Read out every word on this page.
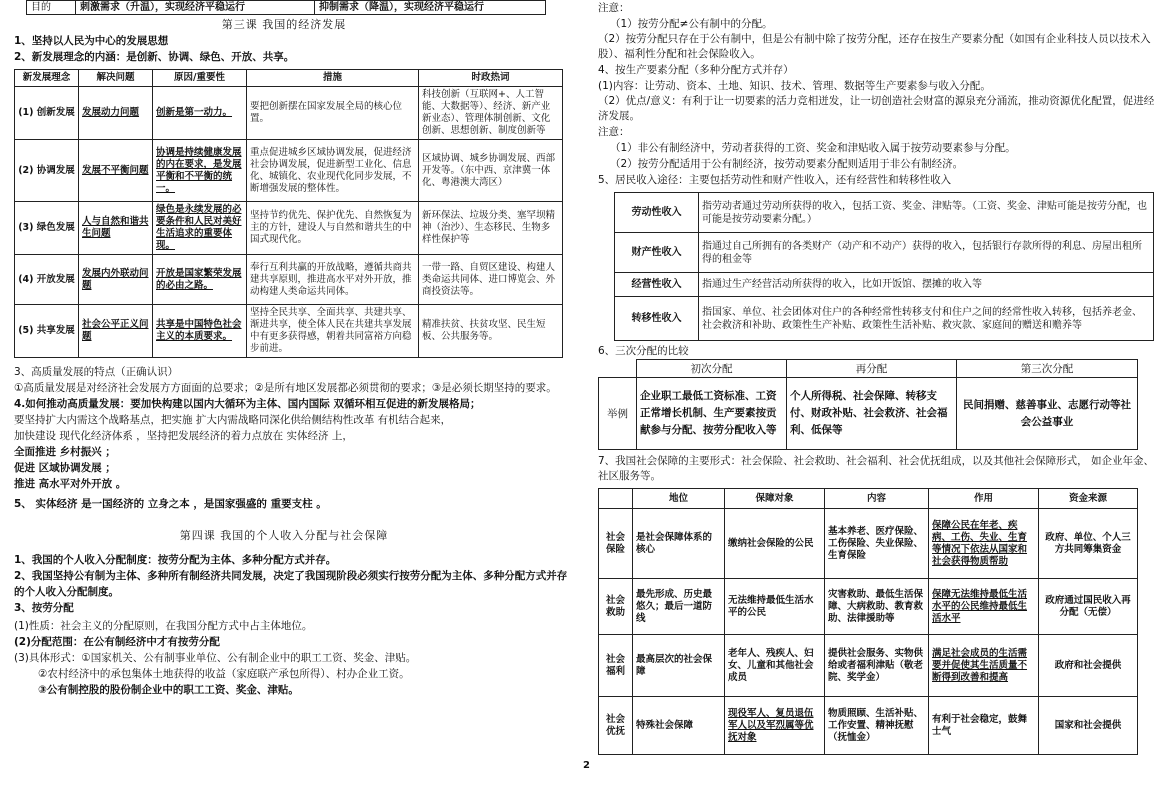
目的	刺激需求（升温），实现经济平稳运行	抑制需求（降温），实现经济平稳运行
第三课 我国的经济发展
1、坚持以人民为中心的发展思想
2、新发展理念的内涵：是创新、协调、绿色、开放、共享。
新发展理念	解决问题	原因/重要性	措施	时政热词
(1) 创新发展	发展动力问题	创新是第一动力。	要把创新摆在国家发展全局的核心位置。	科技创新（互联网+、人工智能、大数据等）、经济、新产业新业态）、管理体制创新、文化创新、思想创新、制度创新等
(2) 协调发展	发展不平衡问题	协调是持续健康发展的内在要求，是发展平衡和不平衡的统一。	重点促进城乡区域协调发展，促进经济社会协调发展，促进新型工业化、信息化、城镇化、农业现代化同步发展，不断增强发展的整体性。	区域协调、城乡协调发展、西部开发等。（东中西、京津冀一体化、粤港澳大湾区）
(3) 绿色发展	人与自然和谐共生问题	绿色是永续发展的必要条件和人民对美好生活追求的重要体现。	坚持节约优先、保护优先、自然恢复为主的方针，建设人与自然和谐共生的中国式现代化。	新环保法、垃圾分类、塞罕坝精神（治沙）、生态移民、生物多样性保护等
(4) 开放发展	发展内外联动问题	开放是国家繁荣发展的必由之路。	奉行互利共赢的开放战略，遵循共商共建共享原则，推进高水平对外开放，推动构建人类命运共同体。	一带一路、自贸区建设、构建人类命运共同体、进口博览会、外商投资法等。
(5) 共享发展	社会公平正义问题	共享是中国特色社会主义的本质要求。	坚持全民共享、全面共享、共建共享、渐进共享，使全体人民在共建共享发展中有更多获得感，朝着共同富裕方向稳步前进。	精准扶贫、扶贫攻坚、民生短板、公共服务等。
3、高质量发展的特点（正确认识）
①高质量发展是对经济社会发展方方面面的总要求；②是所有地区发展都必须贯彻的要求；③是必须长期坚持的要求。
4.如何推动高质量发展：要加快构建以国内大循环为主体、国内国际 双循环相互促进的新发展格局；
要坚持扩大内需这个战略基点，把实施 扩大内需战略同深化供给侧结构性改革 有机结合起来，
加快建设 现代化经济体系 ，坚持把发展经济的着力点放在 实体经济 上，
全面推进 乡村振兴 ；
促进 区域协调发展 ；
推进 高水平对外开放 。
5、 实体经济 是一国经济的 立身之本 ，是国家强盛的 重要支柱 。
第四课 我国的个人收入分配与社会保障
1、我国的个人收入分配制度：按劳分配为主体、多种分配方式并存。
2、我国坚持公有制为主体、多种所有制经济共同发展，决定了我国现阶段必须实行按劳分配为主体、多种分配方式并存的个人收入分配制度。
3、按劳分配
(1)性质：社会主义的分配原则，在我国分配方式中占主体地位。
(2)分配范围：在公有制经济中才有按劳分配
(3)具体形式：①国家机关、公有制事业单位、公有制企业中的职工工资、奖金、津贴。
②农村经济中的承包集体土地获得的收益（家庭联产承包所得）、村办企业工资。
③公有制控股的股份制企业中的职工工资、奖金、津贴。
注意：
（1）按劳分配≠公有制中的分配。
（2）按劳分配只存在于公有制中，但是公有制中除了按劳分配，还存在按生产要素分配（如国有企业科技人员以技术入股）、福利性分配和社会保险收入。
4、按生产要素分配（多种分配方式并存）
(1)内容：让劳动、资本、土地、知识、技术、管理、数据等生产要素参与收入分配。
（2）优点/意义：有利于让一切要素的活力竞相迸发，让一切创造社会财富的源泉充分涌流，推动资源优化配置，促进经济发展。
注意：
（1）非公有制经济中，劳动者获得的工资、奖金和津贴收入属于按劳动要素参与分配。
（2）按劳分配适用于公有制经济，按劳动要素分配则适用于非公有制经济。
5、居民收入途径：主要包括劳动性和财产性收入，还有经营性和转移性收入
劳动性收入	指劳动者通过劳动所获得的收入，包括工资、奖金、津贴等。（工资、奖金、津贴可能是按劳分配，也可能是按劳动要素分配。）
财产性收入	指通过自己所拥有的各类财产（动产和不动产）获得的收入，包括银行存款所得的利息、房屋出租所得的租金等
经营性收入	指通过生产经营活动所获得的收入，比如开饭馆、摆摊的收入等
转移性收入	指国家、单位、社会团体对住户的各种经常性转移支付和住户之间的经常性收入转移，包括养老金、社会救济和补助、政策性生产补贴、政策性生活补贴、救灾款、家庭间的赠送和赡养等
6、三次分配的比较
	初次分配	再分配	第三次分配
举例	企业职工最低工资标准、工资正常增长机制、生产要素按贡献参与分配、按劳分配收入等	个人所得税、社会保障、转移支付、财政补贴、社会救济、社会福利、低保等	民间捐赠、慈善事业、志愿行动等社会公益事业
7、我国社会保障的主要形式：社会保险、社会救助、社会福利、社会优抚组成，以及其他社会保障形式， 如企业年金、社区服务等。
	地位	保障对象	内容	作用	资金来源
社会保险	是社会保障体系的核心	缴纳社会保险的公民	基本养老、医疗保险、工伤保险、失业保险、生育保险	保障公民在年老、疾病、工伤、失业、生育等情况下依法从国家和社会获得物质帮助	政府、单位、个人三方共同筹集资金
社会救助	最先形成、历史最悠久；最后一道防线	无法维持最低生活水平的公民	灾害救助、最低生活保障、大病救助、教育救助、法律援助等	保障无法维持最低生活水平的公民维持最低生活水平	政府通过国民收入再分配（无偿）
社会福利	最高层次的社会保障	老年人、残疾人、妇女、儿童和其他社会成员	提供社会服务、实物供给或者福利津贴（敬老院、奖学金）	满足社会成员的生活需要并促使其生活质量不断得到改善和提高	政府和社会提供
社会优抚	特殊社会保障	现役军人、复员退伍军人以及军烈属等优抚对象	物质照顾、生活补贴、工作安置、精神抚慰（抚恤金）	有利于社会稳定，鼓舞士气	国家和社会提供
2
